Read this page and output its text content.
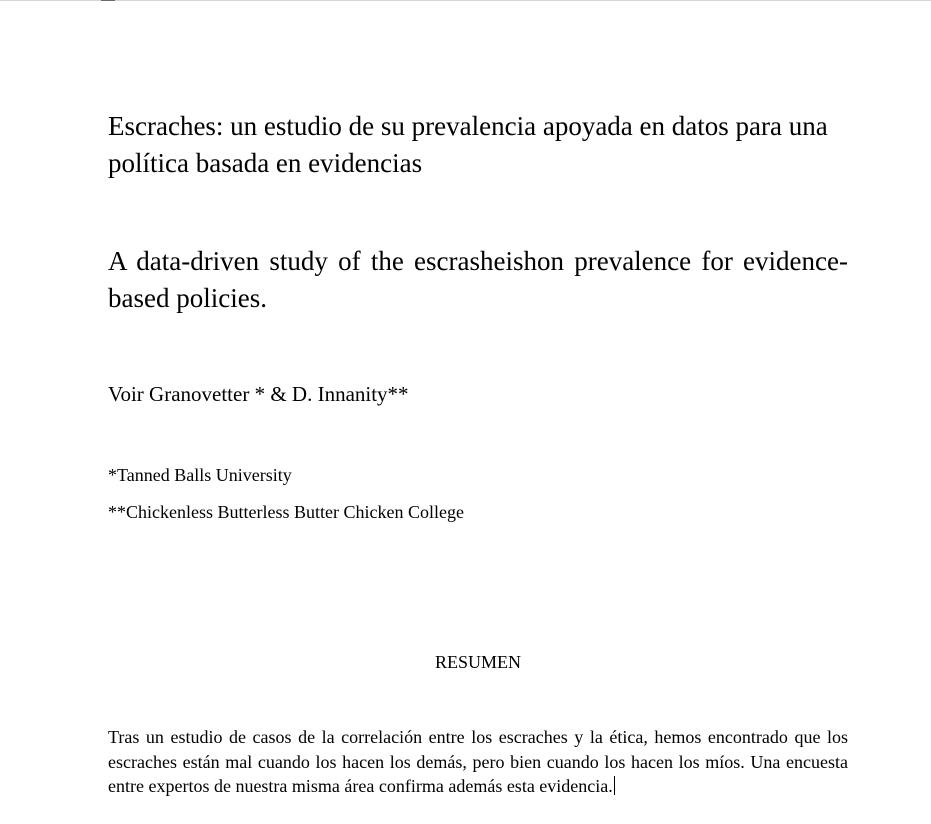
Escraches: un estudio de su prevalencia apoyada en datos para una política basada en evidencias
A data-driven study of the escrasheishon prevalence for evidence-based policies.

Voir Granovetter * & D. Innanity**

*Tanned Balls University

**Chickenless Butterless Butter Chicken College

RESUMEN

Tras un estudio de casos de la correlación entre los escraches y la ética, hemos encontrado que los escraches están mal cuando los hacen los demás, pero bien cuando los hacen los míos. Una encuesta entre expertos de nuestra misma área confirma además esta evidencia.
